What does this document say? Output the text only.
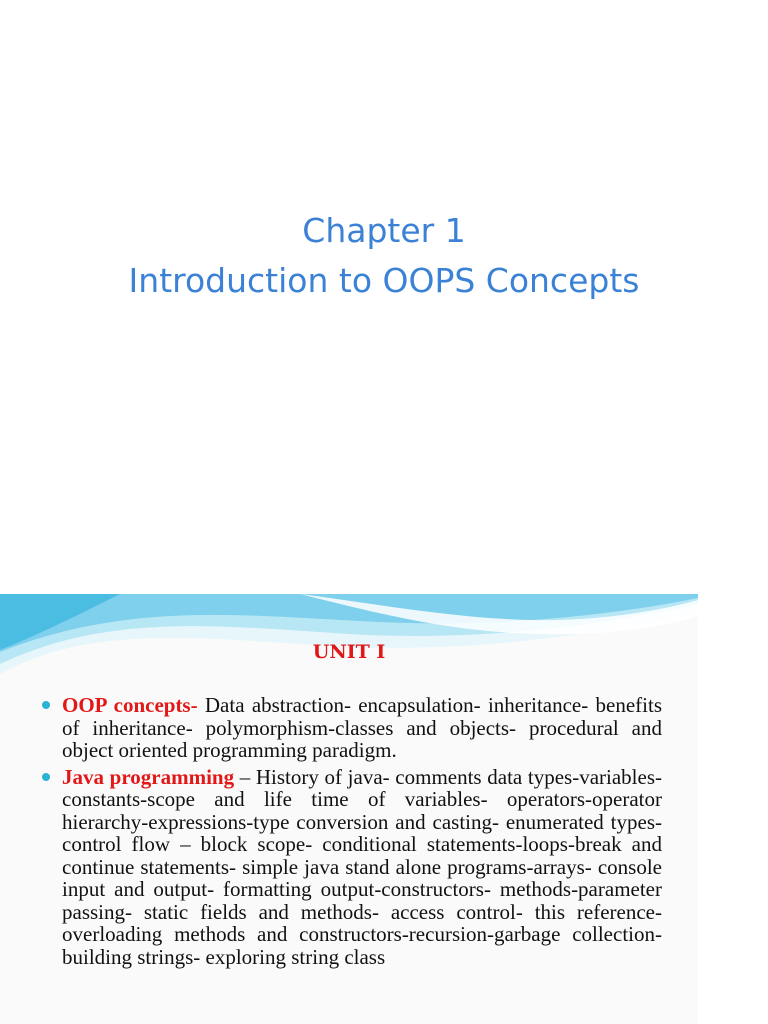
Chapter 1
Introduction to OOPS Concepts
UNIT I
OOP concepts- Data abstraction- encapsulation- inheritance- benefits of inheritance- polymorphism-classes and objects- procedural and object oriented programming paradigm.
Java programming – History of java- comments data types-variables-constants-scope and life time of variables- operators-operator hierarchy-expressions-type conversion and casting- enumerated types- control flow – block scope- conditional statements-loops-break and continue statements- simple java stand alone programs-arrays- console input and output- formatting output-constructors- methods-parameter passing- static fields and methods- access control- this reference- overloading methods and constructors-recursion-garbage collection- building strings- exploring string class
